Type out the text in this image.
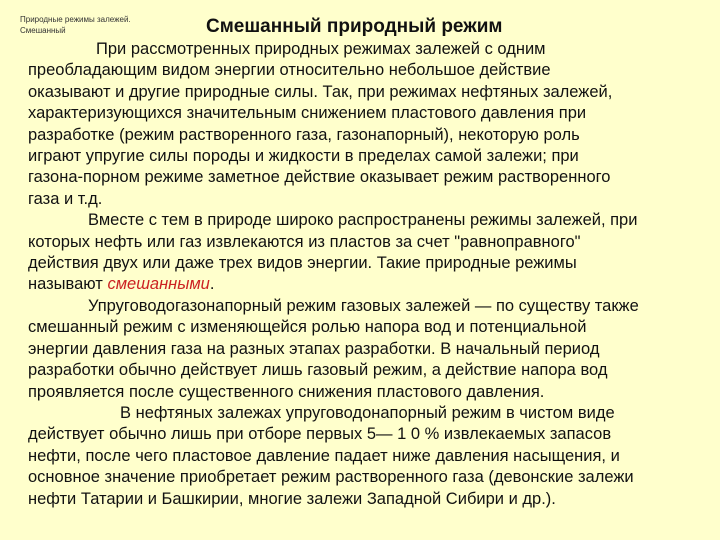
Природные режимы залежей.
Смешанный	Смешанный природный режим
При рассмотренных природных режимах залежей с одним
преобладающим видом энергии относительно небольшое действие
оказывают и другие природные силы. Так, при режимах нефтяных залежей,
характеризующихся значительным снижением пластового давления при
разработке (режим растворенного газа, газонапорный), некоторую роль
играют упругие силы породы и жидкости в пределах самой залежи; при
газона-порном режиме заметное действие оказывает режим растворенного
газа и т.д.
Вместе с тем в природе широко распространены режимы залежей, при
которых нефть или газ извлекаются из пластов за счет "равноправного"
действия двух или даже трех видов энергии. Такие природные режимы
называют смешанными.
Упруговодогазонапорный режим газовых залежей — по существу также
смешанный режим с изменяющейся ролью напора вод и потенциальной
энергии давления газа на разных этапах разработки. В начальный период
разработки обычно действует лишь газовый режим, а действие напора вод
проявляется после существенного снижения пластового давления.
В нефтяных залежах упруговодонапорный режим в чистом виде
действует обычно лишь при отборе первых 5— 1 0 % извлекаемых запасов
нефти, после чего пластовое давление падает ниже давления насыщения, и
основное значение приобретает режим растворенного газа (девонские залежи
нефти Татарии и Башкирии, многие залежи Западной Сибири и др.).
